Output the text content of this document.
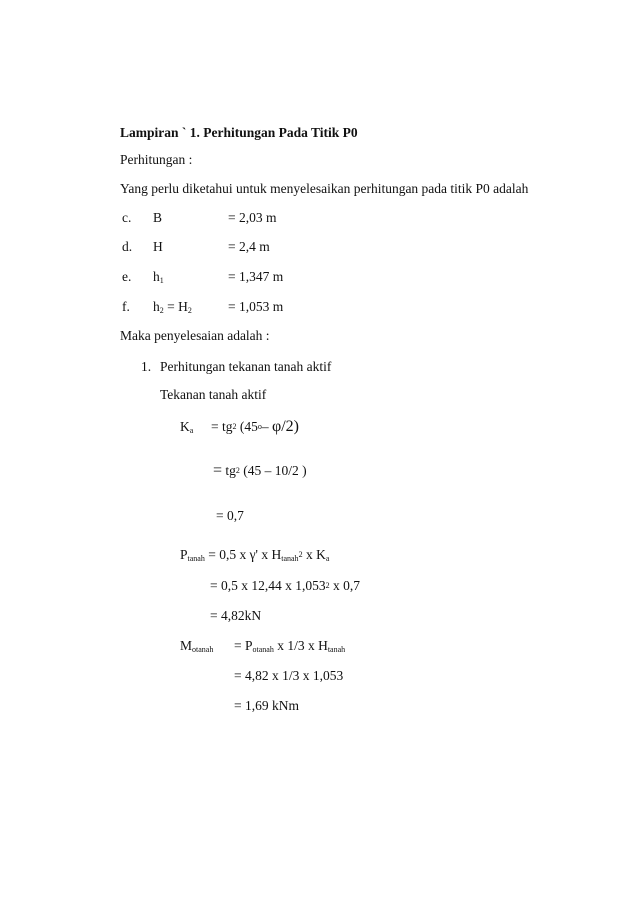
Lampiran ` 1. Perhitungan Pada Titik P0
Perhitungan :
Yang perlu diketahui untuk menyelesaikan perhitungan pada titik P0 adalah
c. B	= 2,03 m
d. H	= 2,4 m
e. $h_1$	= 1,347 m
f. $h_2 = H_2$	= 1,053 m
Maka penyelesaian adalah :
1. Perhitungan tekanan tanah aktif
Tekanan tanah aktif
$K_a = tg^2$ (45$^o$– φ/2)
= $tg^2$ (45 – 10/2 )
= 0,7
$P_{tanah} = 0,5$ x γ' x $H_{tanah}^2$ x $K_a$
= 0,5 x 12,44 x 1,053$^2$ x 0,7
= 4,82kN
$M_{otanah} = P_{otanah}$ x 1/3 x $H_{tanah}$
= 4,82 x 1/3 x 1,053
= 1,69 kNm
